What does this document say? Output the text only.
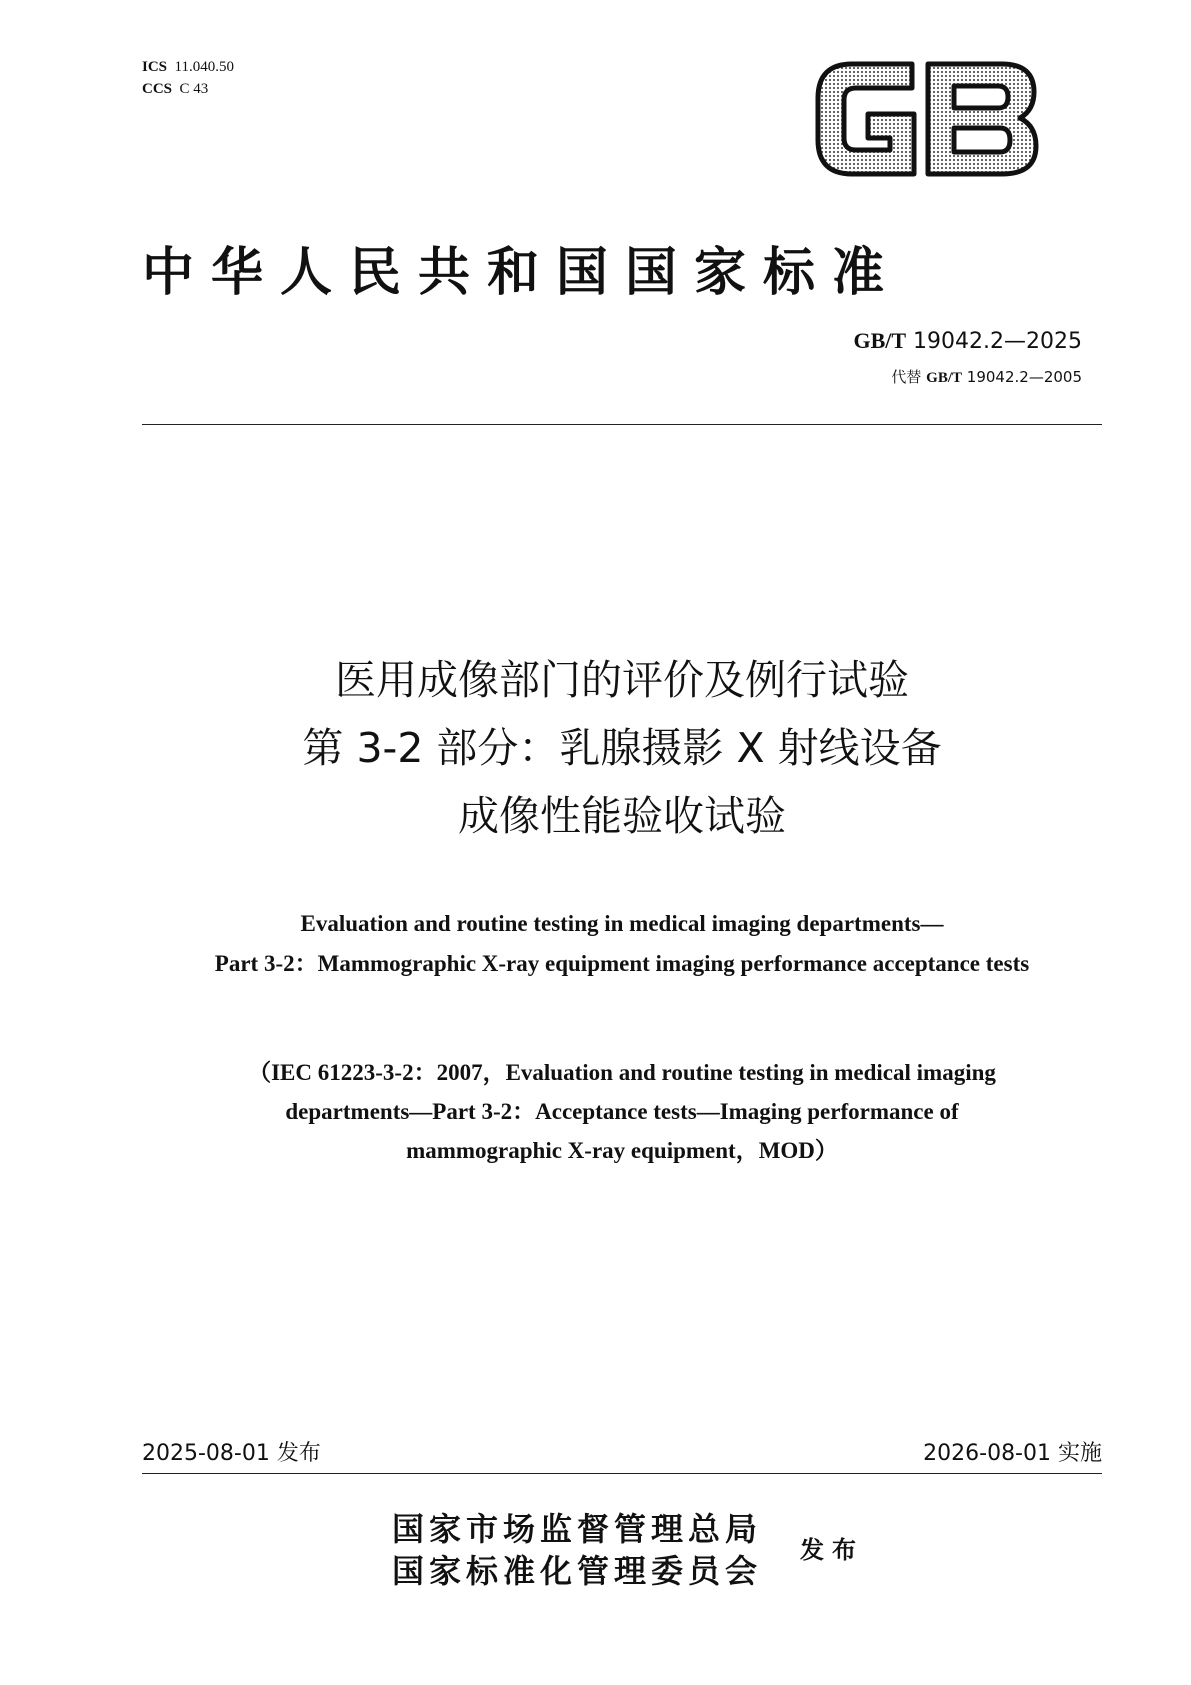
ICS 11.040.50
CCS C 43
中华人民共和国国家标准
GB/T 19042.2—2025
代替 GB/T 19042.2—2005
医用成像部门的评价及例行试验
第 3-2 部分：乳腺摄影 X 射线设备
成像性能验收试验
Evaluation and routine testing in medical imaging departments—
Part 3-2：Mammographic X-ray equipment imaging performance acceptance tests
（IEC 61223-3-2：2007，Evaluation and routine testing in medical imaging
departments—Part 3-2：Acceptance tests—Imaging performance of
mammographic X-ray equipment，MOD）
2025-08-01 发布	2026-08-01 实施
国家市场监督管理总局
国家标准化管理委员会
发布
